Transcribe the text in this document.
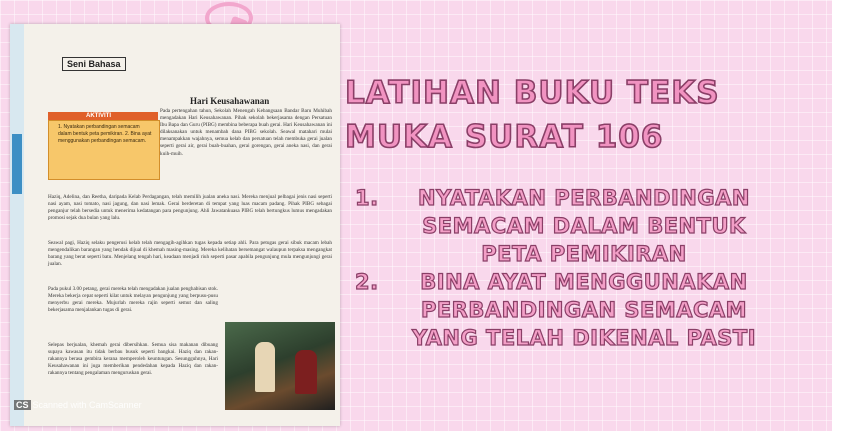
Seni Bahasa
Hari Keusahawanan
AKTIVITI
1. Nyatakan perbandingan semacam dalam bentuk peta pemikiran. 2. Bina ayat menggunakan perbandingan semacam.
Pada pertengahan tahun, Sekolah Menengah Kebangsaan Bandar Baru Muhibah mengadakan Hari Keusahawanan. Pihak sekolah bekerjasama dengan Persatuan Ibu Bapa dan Guru (PIBG) membina beberapa buah gerai. Hari Keusahawanan ini dilaksanakan untuk menambah dana PIBG sekolah. Seawal matahari mulai menampakkan wajahnya, semua kelab dan persatuan telah membuka gerai jualan seperti gerai air, gerai buah-buahan, gerai gorengan, gerai aneka nasi, dan gerai kuih-muih.
Haziq, Adelina, dan Reetha, daripada Kelab Perdagangan, telah memilih jualan aneka nasi. Mereka menjual pelbagai jenis nasi seperti nasi ayam, nasi tomato, nasi jagung, dan nasi lemak. Gerai berderetan di tempat yang luas macam padang. Pihak PIBG sebagai penganjur telah bersedia untuk menerima kedatangan para pengunjung. Ahli Jawatankuasa PIBG telah bertungkus lumus mengadakan promosi sejak dua bulan yang lalu.
Seawal pagi, Haziq selaku pengerusi kelab telah mengagih-agihkan tugas kepada setiap ahli. Para petugas gerai sibuk macam lebah mengendalikan barangan yang hendak dijual di khemah masing-masing. Mereka kelihatan bersemangat walaupun terpaksa mengangkat barang yang berat seperti batu. Menjelang tengah hari, keadaan menjadi riuh seperti pasar apabila pengunjung mula mengunjungi gerai jualan.
Pada pukul 3.00 petang, gerai mereka telah mengadakan jualan penghabisan stok. Mereka bekerja cepat seperti kilat untuk melayan pengunjung yang berpusu-pusu menyerbu gerai mereka. Mujurlah mereka rajin seperti semut dan saling bekerjasama menjalankan tugas di gerai.
Selepas berjualan, khemah gerai dibersihkan. Semua sisa makanan dibuang supaya kawasan itu tidak berbau busuk seperti bangkai. Haziq dan rakan-rakannya berasa gembira kerana memperoleh keuntungan. Sesungguhnya, Hari Keusahawanan ini juga memberikan pendedahan kepada Haziq dan rakan-rakannya tentang pengalaman menguruskan gerai.
CS Scanned with CamScanner
LATIHAN BUKU TEKS
MUKA SURAT 106
1.	NYATAKAN PERBANDINGAN SEMACAM DALAM BENTUK PETA PEMIKIRAN
2.	BINA AYAT MENGGUNAKAN PERBANDINGAN SEMACAM YANG TELAH DIKENAL PASTI
